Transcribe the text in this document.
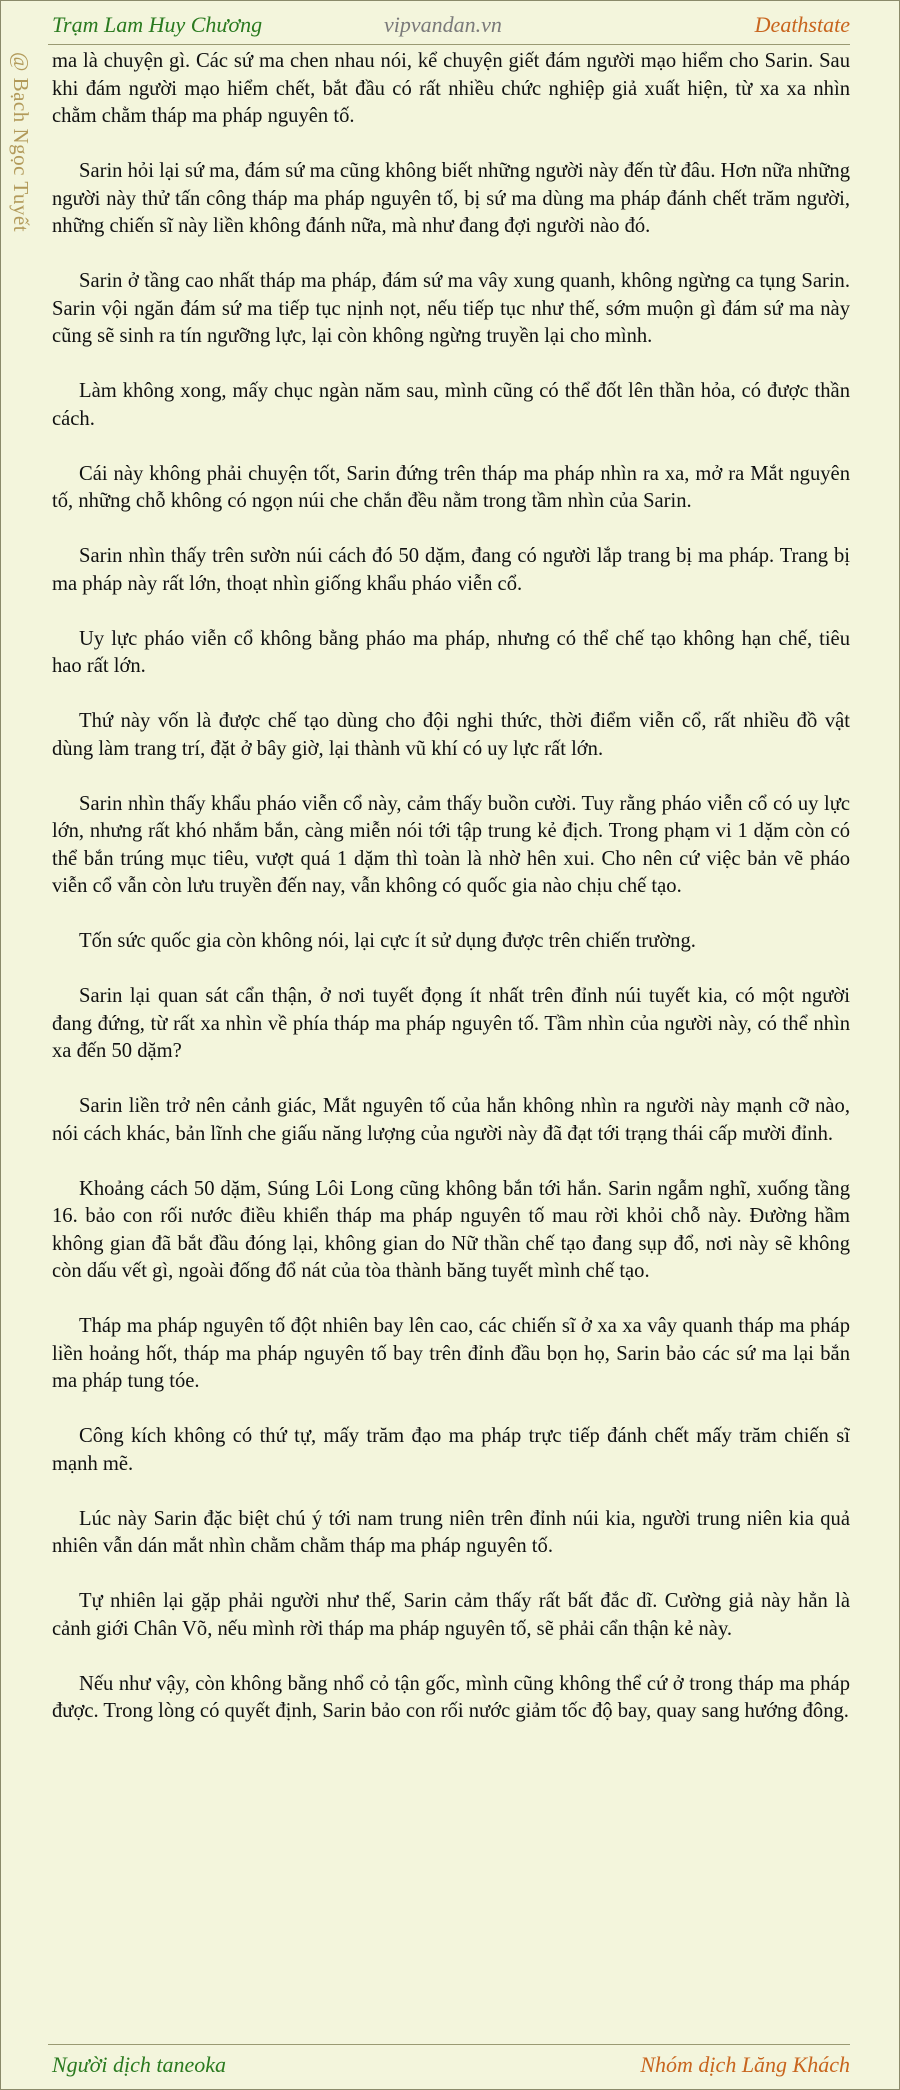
Trạm Lam Huy Chương	vipvandan.vn	Deathstate
@ Bạch Ngọc Tuyết ma là chuyện gì. Các sứ ma chen nhau nói, kể chuyện giết đám người mạo hiểm cho Sarin. Sau khi đám người mạo hiểm chết, bắt đầu có rất nhiều chức nghiệp giả xuất hiện, từ xa xa nhìn chằm chằm tháp ma pháp nguyên tố.

Sarin hỏi lại sứ ma, đám sứ ma cũng không biết những người này đến từ đâu. Hơn nữa những người này thử tấn công tháp ma pháp nguyên tố, bị sứ ma dùng ma pháp đánh chết trăm người, những chiến sĩ này liền không đánh nữa, mà như đang đợi người nào đó.

Sarin ở tầng cao nhất tháp ma pháp, đám sứ ma vây xung quanh, không ngừng ca tụng Sarin. Sarin vội ngăn đám sứ ma tiếp tục nịnh nọt, nếu tiếp tục như thế, sớm muộn gì đám sứ ma này cũng sẽ sinh ra tín ngưỡng lực, lại còn không ngừng truyền lại cho mình.

Làm không xong, mấy chục ngàn năm sau, mình cũng có thể đốt lên thần hỏa, có được thần cách.

Cái này không phải chuyện tốt, Sarin đứng trên tháp ma pháp nhìn ra xa, mở ra Mắt nguyên tố, những chỗ không có ngọn núi che chắn đều nằm trong tầm nhìn của Sarin.

Sarin nhìn thấy trên sườn núi cách đó 50 dặm, đang có người lắp trang bị ma pháp. Trang bị ma pháp này rất lớn, thoạt nhìn giống khẩu pháo viễn cổ.

Uy lực pháo viễn cổ không bằng pháo ma pháp, nhưng có thể chế tạo không hạn chế, tiêu hao rất lớn.

Thứ này vốn là được chế tạo dùng cho đội nghi thức, thời điểm viễn cổ, rất nhiều đồ vật dùng làm trang trí, đặt ở bây giờ, lại thành vũ khí có uy lực rất lớn.

Sarin nhìn thấy khẩu pháo viễn cổ này, cảm thấy buồn cười. Tuy rằng pháo viễn cổ có uy lực lớn, nhưng rất khó nhắm bắn, càng miễn nói tới tập trung kẻ địch. Trong phạm vi 1 dặm còn có thể bắn trúng mục tiêu, vượt quá 1 dặm thì toàn là nhờ hên xui. Cho nên cứ việc bản vẽ pháo viễn cổ vẫn còn lưu truyền đến nay, vẫn không có quốc gia nào chịu chế tạo.

Tốn sức quốc gia còn không nói, lại cực ít sử dụng được trên chiến trường.

Sarin lại quan sát cẩn thận, ở nơi tuyết đọng ít nhất trên đỉnh núi tuyết kia, có một người đang đứng, từ rất xa nhìn về phía tháp ma pháp nguyên tố. Tầm nhìn của người này, có thể nhìn xa đến 50 dặm?

Sarin liền trở nên cảnh giác, Mắt nguyên tố của hắn không nhìn ra người này mạnh cỡ nào, nói cách khác, bản lĩnh che giấu năng lượng của người này đã đạt tới trạng thái cấp mười đỉnh.

Khoảng cách 50 dặm, Súng Lôi Long cũng không bắn tới hắn. Sarin ngẫm nghĩ, xuống tầng 16. bảo con rối nước điều khiển tháp ma pháp nguyên tố mau rời khỏi chỗ này. Đường hầm không gian đã bắt đầu đóng lại, không gian do Nữ thần chế tạo đang sụp đổ, nơi này sẽ không còn dấu vết gì, ngoài đống đổ nát của tòa thành băng tuyết mình chế tạo.

Tháp ma pháp nguyên tố đột nhiên bay lên cao, các chiến sĩ ở xa xa vây quanh tháp ma pháp liền hoảng hốt, tháp ma pháp nguyên tố bay trên đỉnh đầu bọn họ, Sarin bảo các sứ ma lại bắn ma pháp tung tóe.

Công kích không có thứ tự, mấy trăm đạo ma pháp trực tiếp đánh chết mấy trăm chiến sĩ mạnh mẽ.

Lúc này Sarin đặc biệt chú ý tới nam trung niên trên đỉnh núi kia, người trung niên kia quả nhiên vẫn dán mắt nhìn chằm chằm tháp ma pháp nguyên tố.

Tự nhiên lại gặp phải người như thế, Sarin cảm thấy rất bất đắc dĩ. Cường giả này hẳn là cảnh giới Chân Võ, nếu mình rời tháp ma pháp nguyên tố, sẽ phải cẩn thận kẻ này.

Nếu như vậy, còn không bằng nhổ cỏ tận gốc, mình cũng không thể cứ ở trong tháp ma pháp được. Trong lòng có quyết định, Sarin bảo con rối nước giảm tốc độ bay, quay sang hướng đông.

Người dịch taneoka	Nhóm dịch Lăng Khách
